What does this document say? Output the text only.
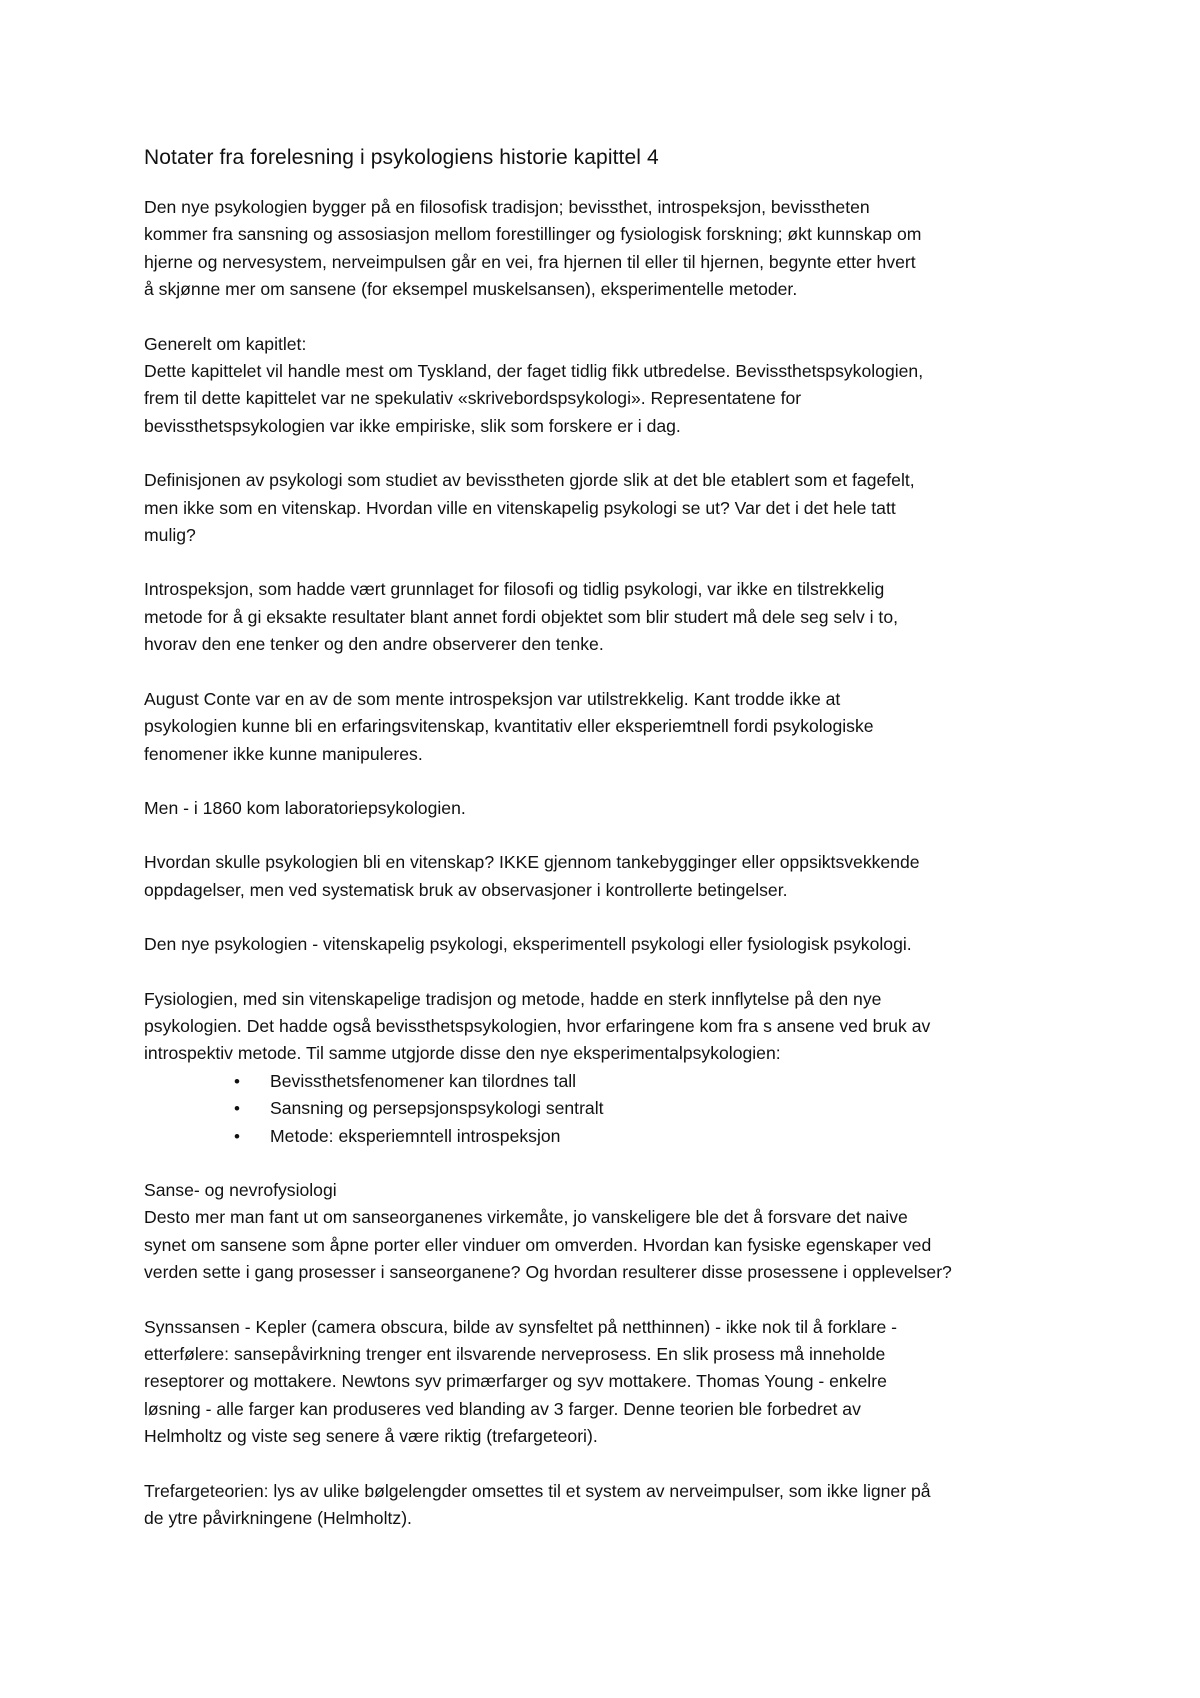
Notater fra forelesning i psykologiens historie kapittel 4
Den nye psykologien bygger på en filosofisk tradisjon; bevissthet, introspeksjon, bevisstheten
kommer fra sansning og assosiasjon mellom forestillinger og fysiologisk forskning; økt kunnskap om
hjerne og nervesystem, nerveimpulsen går en vei, fra hjernen til eller til hjernen, begynte etter hvert
å skjønne mer om sansene (for eksempel muskelsansen), eksperimentelle metoder.
Generelt om kapitlet:
Dette kapittelet vil handle mest om Tyskland, der faget tidlig fikk utbredelse. Bevissthetspsykologien,
frem til dette kapittelet var ne spekulativ «skrivebordspsykologi». Representatene for
bevissthetspsykologien var ikke empiriske, slik som forskere er i dag.
Definisjonen av psykologi som studiet av bevisstheten gjorde slik at det ble etablert som et fagefelt,
men ikke som en vitenskap. Hvordan ville en vitenskapelig psykologi se ut? Var det i det hele tatt
mulig?
Introspeksjon, som hadde vært grunnlaget for filosofi og tidlig psykologi, var ikke en tilstrekkelig
metode for å gi eksakte resultater blant annet fordi objektet som blir studert må dele seg selv i to,
hvorav den ene tenker og den andre observerer den tenke.
August Conte var en av de som mente introspeksjon var utilstrekkelig. Kant trodde ikke at
psykologien kunne bli en erfaringsvitenskap, kvantitativ eller eksperiemtnell fordi psykologiske
fenomener ikke kunne manipuleres.
Men - i 1860 kom laboratoriepsykologien.
Hvordan skulle psykologien bli en vitenskap? IKKE gjennom tankebygginger eller oppsiktsvekkende
oppdagelser, men ved systematisk bruk av observasjoner i kontrollerte betingelser.
Den nye psykologien - vitenskapelig psykologi, eksperimentell psykologi eller fysiologisk psykologi.
Fysiologien, med sin vitenskapelige tradisjon og metode, hadde en sterk innflytelse på den nye
psykologien. Det hadde også bevissthetspsykologien, hvor erfaringene kom fra s ansene ved bruk av
introspektiv metode. Til samme utgjorde disse den nye eksperimentalpsykologien:
• Bevissthetsfenomener kan tilordnes tall
• Sansning og persepsjonspsykologi sentralt
• Metode: eksperiemntell introspeksjon
Sanse- og nevrofysiologi
Desto mer man fant ut om sanseorganenes virkemåte, jo vanskeligere ble det å forsvare det naive
synet om sansene som åpne porter eller vinduer om omverden. Hvordan kan fysiske egenskaper ved
verden sette i gang prosesser i sanseorganene? Og hvordan resulterer disse prosessene i opplevelser?
Synssansen - Kepler (camera obscura, bilde av synsfeltet på netthinnen) - ikke nok til å forklare -
etterfølere: sansepåvirkning trenger ent ilsvarende nerveprosess. En slik prosess må inneholde
reseptorer og mottakere. Newtons syv primærfarger og syv mottakere. Thomas Young - enkelre
løsning - alle farger kan produseres ved blanding av 3 farger. Denne teorien ble forbedret av
Helmholtz og viste seg senere å være riktig (trefargeteori).
Trefargeteorien: lys av ulike bølgelengder omsettes til et system av nerveimpulser, som ikke ligner på
de ytre påvirkningene (Helmholtz).
